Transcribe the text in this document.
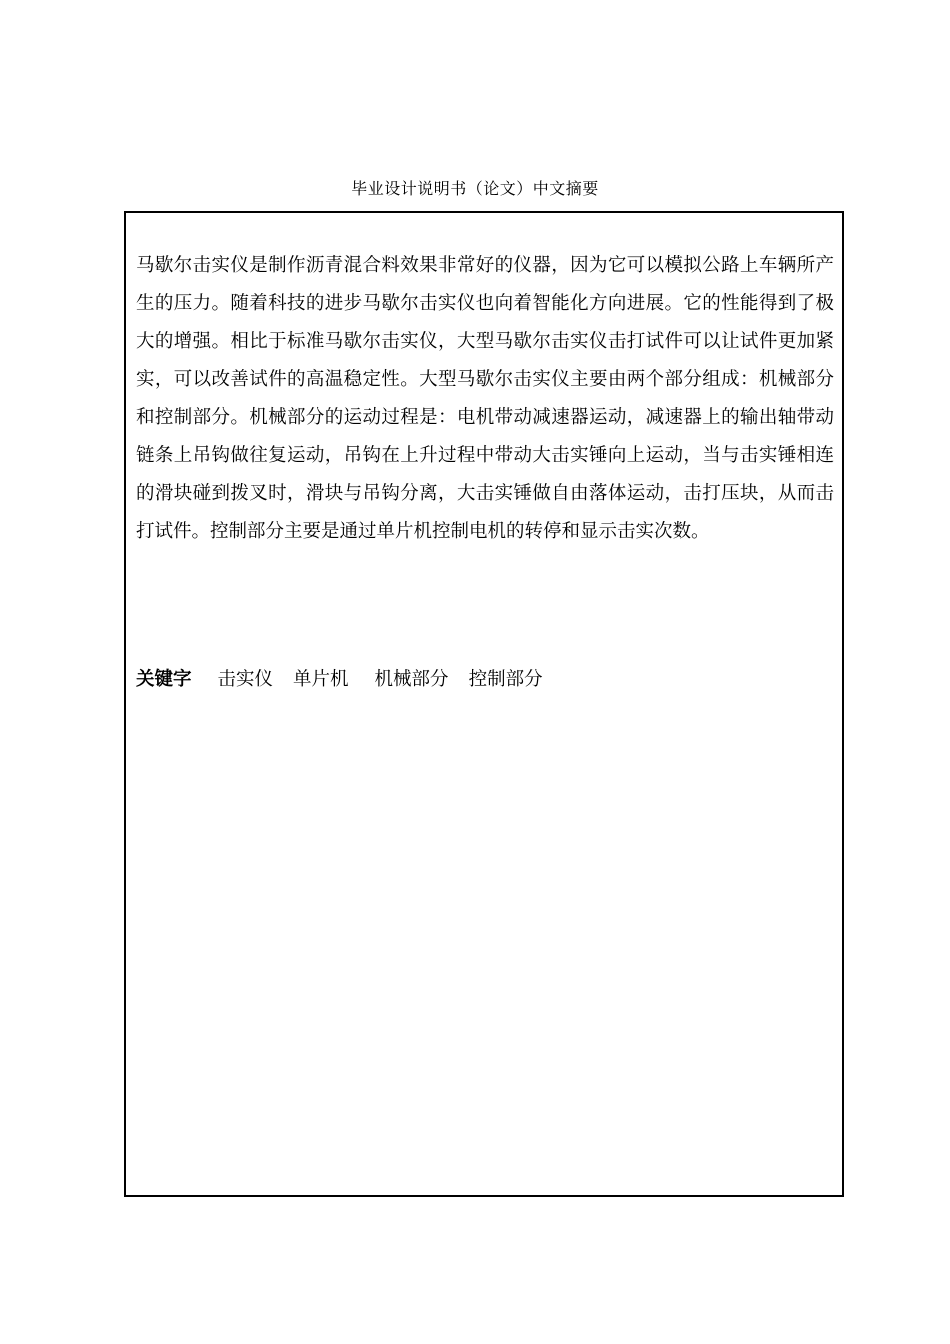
毕业设计说明书（论文）中文摘要

马歇尔击实仪是制作沥青混合料效果非常好的仪器，因为它可以模拟公路上车辆所产生的压力。随着科技的进步马歇尔击实仪也向着智能化方向进展。它的性能得到了极大的增强。相比于标准马歇尔击实仪，大型马歇尔击实仪击打试件可以让试件更加紧实，可以改善试件的高温稳定性。大型马歇尔击实仪主要由两个部分组成：机械部分和控制部分。机械部分的运动过程是：电机带动减速器运动，减速器上的输出轴带动链条上吊钩做往复运动，吊钩在上升过程中带动大击实锤向上运动，当与击实锤相连的滑块碰到拨叉时，滑块与吊钩分离，大击实锤做自由落体运动，击打压块，从而击打试件。控制部分主要是通过单片机控制电机的转停和显示击实次数。

关键字 击实仪 单片机 机械部分 控制部分
